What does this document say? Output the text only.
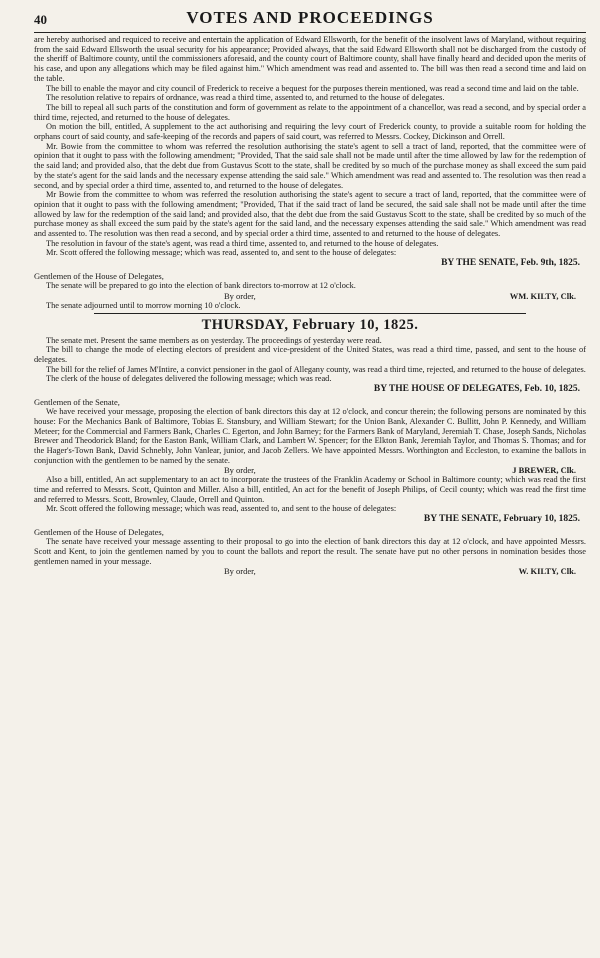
40	VOTES AND PROCEEDINGS

are hereby authorised and requiced to receive and entertain the application of Edward Ellsworth, for the benefit of the insolvent laws of Maryland, without requiring from the said Edward Ellsworth the usual security for his appearance; Provided always, that the said Edward Ellsworth shall not be discharged from the custody of the sheriff of Baltimore county, until the commissioners aforesaid, and the county court of Baltimore county, shall have finally heard and decided upon the merits of his case, and upon any allegations which may be filed against him." Which amendment was read and assented to. The bill was then read a second time and laid on the table.

The bill to enable the mayor and city council of Frederick to receive a bequest for the purposes therein mentioned, was read a second time and laid on the table.

The resolution relative to repairs of ordnance, was read a third time, assented to, and returned to the house of delegates.

The bill to repeal all such parts of the constitution and form of government as relate to the appointment of a chancellor, was read a second, and by special order a third time, rejected, and returned to the house of delegates.

On motion the bill, entitled, A supplement to the act authorising and requiring the levy court of Frederick county, to provide a suitable room for holding the orphans court of said county, and safe-keeping of the records and papers of said court, was referred to Messrs. Cockey, Dickinson and Orrell.

Mr. Bowie from the committee to whom was referred the resolution authorising the state's agent to sell a tract of land, reported, that the committee were of opinion that it ought to pass with the following amendment; "Provided, That the said sale shall not be made until after the time allowed by law for the redemption of the said land; and provided also, that the debt due from Gustavus Scott to the state, shall be credited by so much of the purchase money as shall exceed the sum paid by the state's agent for the said lands and the necessary expense attending the said sale." Which amendment was read and assented to. The resolution was then read a second, and by special order a third time, assented to, and returned to the house of delegates.

Mr Bowie from the committee to whom was referred the resolution authorising the state's agent to secure a tract of land, reported, that the committee were of opinion that it ought to pass with the following amendment; "Provided, That if the said tract of land be secured, the said sale shall not be made until after the time allowed by law for the redemption of the said land; and provided also, that the debt due from the said Gustavus Scott to the state, shall be credited by so much of the purchase money as shall exceed the sum paid by the state's agent for the said land, and the necessary expenses attending the said sale." Which amendment was read and assented to. The resolution was then read a second, and by special order a third time, assented to and returned to the house of delegates.

The resolution in favour of the state's agent, was read a third time, assented to, and returned to the house of delegates.

Mr. Scott offered the following message; which was read, assented to, and sent to the house of delegates:

BY THE SENATE, Feb. 9th, 1825.
Gentlemen of the House of Delegates,

The senate will be prepared to go into the election of bank directors to-morrow at 12 o'clock.

By order,	WM. KILTY, Clk.

The senate adjourned until to morrow morning 10 o'clock.

THURSDAY, February 10, 1825.

The senate met. Present the same members as on yesterday. The proceedings of yesterday were read.

The bill to change the mode of electing electors of president and vice-president of the United States, was read a third time, passed, and sent to the house of delegates.

The bill for the relief of James M'Intire, a convict pensioner in the gaol of Allegany county, was read a third time, rejected, and returned to the house of delegates.

The clerk of the house of delegates delivered the following message; which was read.

BY THE HOUSE OF DELEGATES, Feb. 10, 1825.
Gentlemen of the Senate,

We have received your message, proposing the election of bank directors this day at 12 o'clock, and concur therein; the following persons are nominated by this house: For the Mechanics Bank of Baltimore, Tobias E. Stansbury, and William Stewart; for the Union Bank, Alexander C. Bullitt, John P. Kennedy, and William Meteer; for the Commercial and Farmers Bank, Charles C. Egerton, and John Barney; for the Farmers Bank of Maryland, Jeremiah T. Chase, Joseph Sands, Nicholas Brewer and Theodorick Bland; for the Easton Bank, William Clark, and Lambert W. Spencer; for the Elkton Bank, Jeremiah Taylor, and Thomas S. Thomas; and for the Hager's-Town Bank, David Schnebly, John Vanlear, junior, and Jacob Zellers. We have appointed Messrs. Worthington and Eccleston, to examine the ballots in conjunction with the gentlemen to be named by the senate.

By order,	J BREWER, Clk.

Also a bill, entitled, An act supplementary to an act to incorporate the trustees of the Franklin Academy or School in Baltimore county; which was read the first time and referred to Messrs. Scott, Quinton and Miller. Also a bill, entitled, An act for the benefit of Joseph Philips, of Cecil county; which was read the first time and referred to Messrs. Scott, Brownley, Claude, Orrell and Quinton.

Mr. Scott offered the following message; which was read, assented to, and sent to the house of delegates:

BY THE SENATE, February 10, 1825.
Gentlemen of the House of Delegates,

The senate have received your message assenting to their proposal to go into the election of bank directors this day at 12 o'clock, and have appointed Messrs. Scott and Kent, to join the gentlemen named by you to count the ballots and report the result. The senate have put no other persons in nomination besides those gentlemen named in your message.

By order,	W. KILTY, Clk.
